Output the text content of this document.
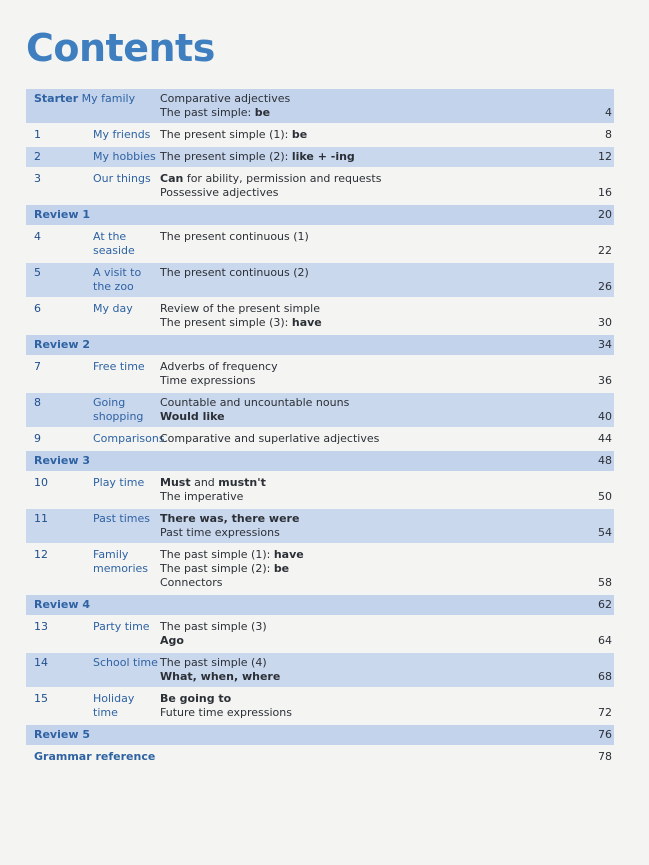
Contents
Starter My family		Comparative adjectives
The past simple: be	4
1	My friends	The present simple (1): be	8
2	My hobbies	The present simple (2): like + -ing	12
3	Our things	Can for ability, permission and requests
Possessive adjectives	16
Review 1			20
4	At the seaside	The present continuous (1)	22
5	A visit to the zoo	The present continuous (2)	26
6	My day	Review of the present simple
The present simple (3): have	30
Review 2			34
7	Free time	Adverbs of frequency
Time expressions	36
8	Going shopping	Countable and uncountable nouns
Would like	40
9	Comparisons	Comparative and superlative adjectives	44
Review 3			48
10	Play time	Must and mustn't
The imperative	50
11	Past times	There was, there were
Past time expressions	54
12	Family memories	The past simple (1): have
The past simple (2): be
Connectors	58
Review 4			62
13	Party time	The past simple (3)
Ago	64
14	School time	The past simple (4)
What, when, where	68
15	Holiday time	Be going to
Future time expressions	72
Review 5			76
Grammar reference			78
